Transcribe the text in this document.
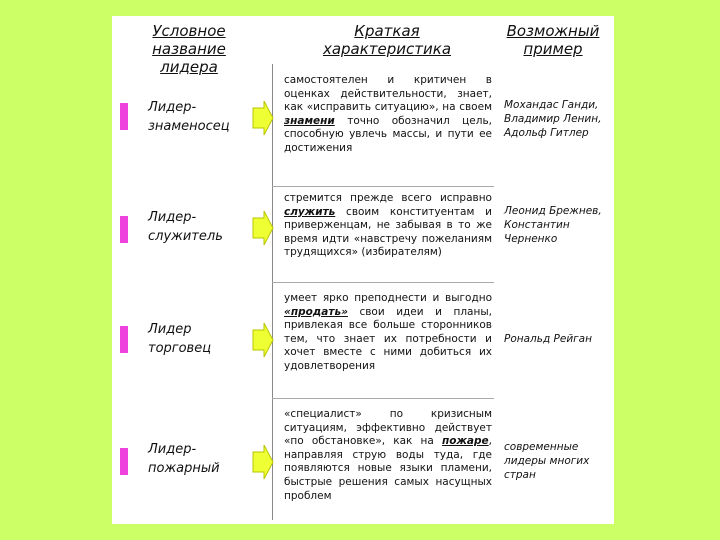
Условное название лидера
Краткая характеристика
Возможный пример
Лидер-знаменосец
самостоятелен и критичен в оценках действительности, знает, как «исправить ситуацию», на своем знамени точно обозначил цель, способную увлечь массы, и пути ее достижения
Мохандас Ганди, Владимир Ленин, Адольф Гитлер
Лидер-служитель
стремится прежде всего исправно служить своим конституентам и приверженцам, не забывая в то же время идти «навстречу пожеланиям трудящихся» (избирателям)
Леонид Брежнев, Константин Черненко
Лидер торговец
умеет ярко преподнести и выгодно «продать» свои идеи и планы, привлекая все больше сторонников тем, что знает их потребности и хочет вместе с ними добиться их удовлетворения
Рональд Рейган
Лидер-пожарный
«специалист» по кризисным ситуациям, эффективно действует «по обстановке», как на пожаре, направляя струю воды туда, где появляются новые языки пламени, быстрые решения самых насущных проблем
современные лидеры многих стран
